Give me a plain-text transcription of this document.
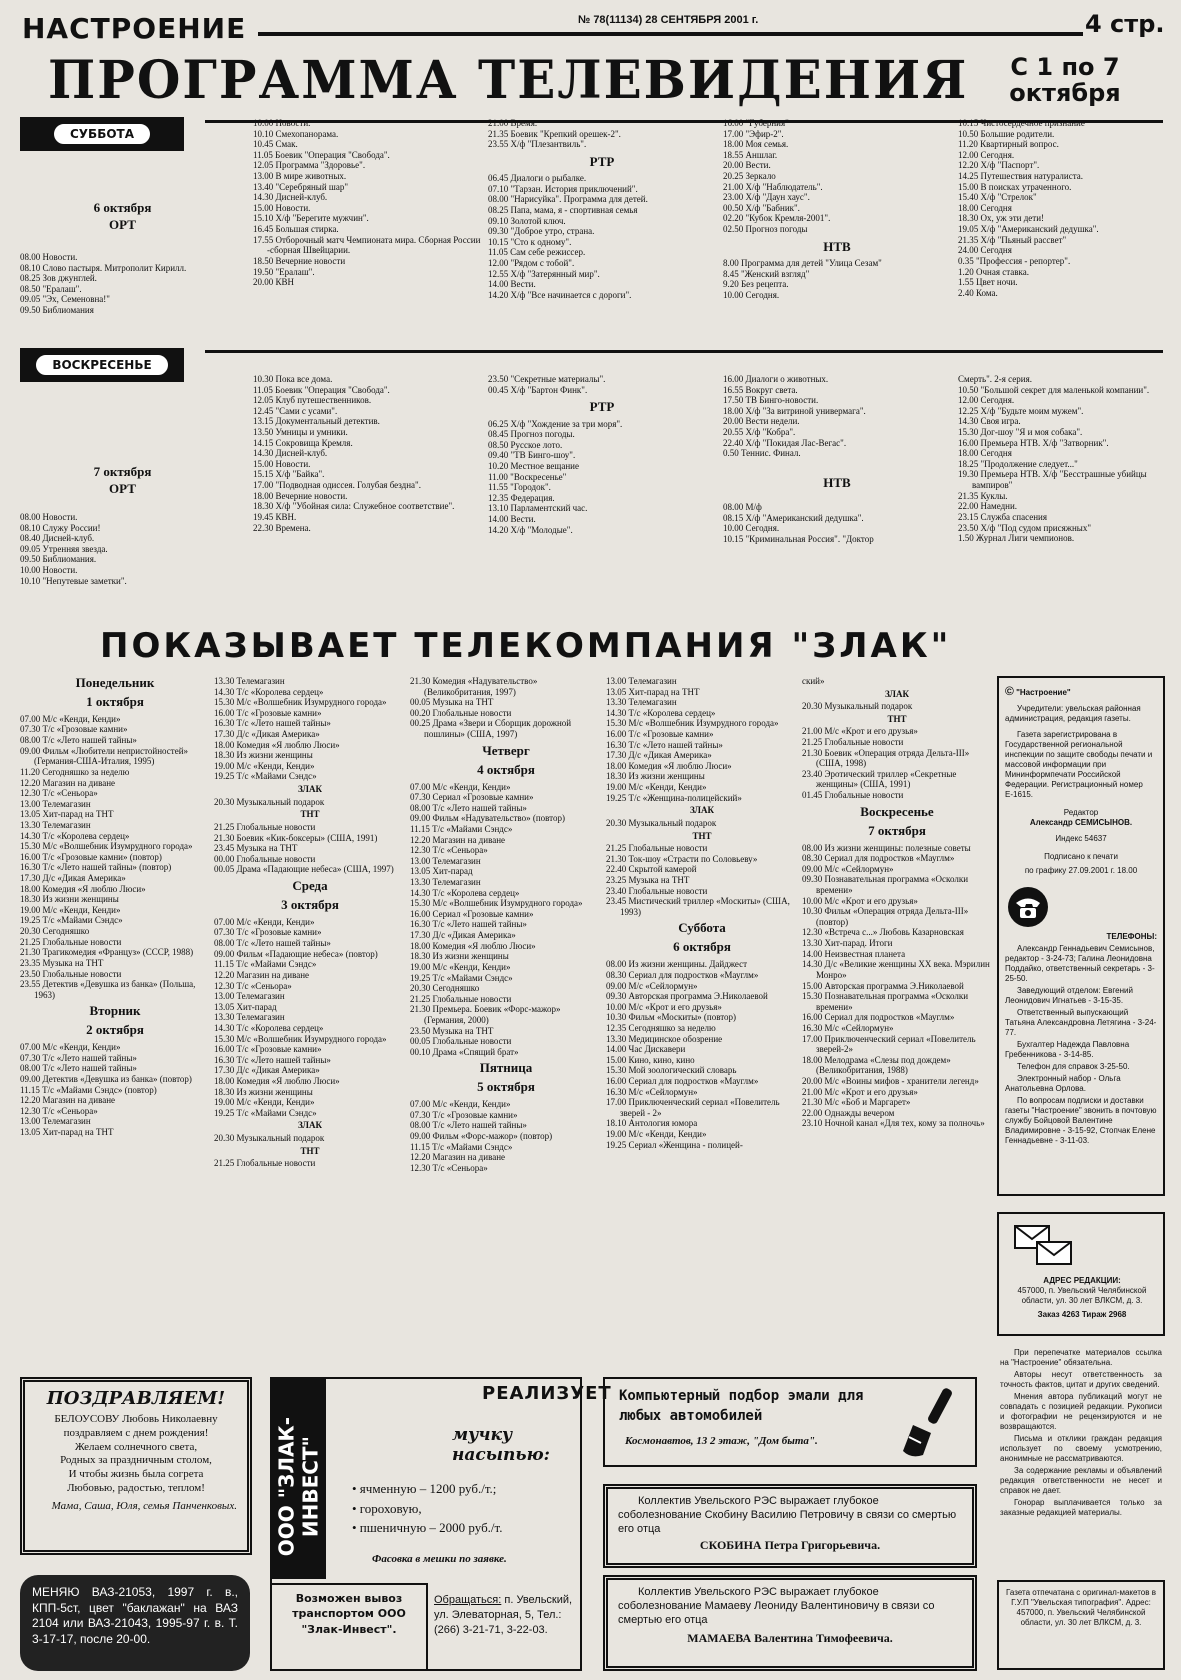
НАСТРОЕНИЕ	№ 78(11134) 28 СЕНТЯБРЯ 2001 г.	4 стр.
ПРОГРАММА ТЕЛЕВИДЕНИЯ С 1 по 7 октября
СУББОТА
6 октября
ОРТ

08.00 Новости.

08.10 Слово пастыря. Митрополит Кирилл.

08.25 Зов джунглей.

08.50 "Ералаш".

09.05 "Эх, Семеновна!"

09.50 Библиомания

10.00 Новости.

10.10 Смехопанорама.

10.45 Смак.

11.05 Боевик "Операция "Свобода".

12.05 Программа "Здоровье".

13.00 В мире животных.

13.40 "Серебряный шар"

14.30 Дисней-клуб.

15.00 Новости.

15.10 Х/ф "Берегите мужчин".

16.45 Большая стирка.

17.55 Отборочный матч Чемпионата мира. Сборная России -сборная Швейцарии.

18.50 Вечерние новости

19.50 "Ералаш".

20.00 КВН

21.00 Время.

21.35 Боевик "Крепкий орешек-2".

23.55 Х/ф "Плезантвиль".

РТР

06.45 Диалоги о рыбалке.

07.10 "Тарзан. История приключений".

08.00 "Нарисуйка". Программа для детей.

08.25 Папа, мама, я - спортивная семья

09.10 Золотой ключ.

09.30 "Доброе утро, страна.

10.15 "Сто к одному".

11.05 Сам себе режиссер.

12.00 "Рядом с тобой".

12.55 Х/ф "Затерянный мир".

14.00 Вести.

14.20 Х/ф "Все начинается с дороги".

16.00 "Губерния"

17.00 "Эфир-2".

18.00 Моя семья.

18.55 Аншлаг.

20.00 Вести.

20.25 Зеркало

21.00 Х/ф "Наблюдатель".

23.00 Х/ф "Даун хаус".

00.50 Х/ф "Бабник".

02.20 "Кубок Кремля-2001".

02.50 Прогноз погоды

НТВ

8.00 Программа для детей "Улица Сезам"

8.45 "Женский взгляд"

9.20 Без рецепта.

10.00 Сегодня.

10.15 Чистосердечное признание

10.50 Большие родители.

11.20 Квартирный вопрос.

12.00 Сегодня.

12.20 Х/ф "Паспорт".

14.25 Путешествия натуралиста.

15.00 В поисках утраченного.

15.40 Х/ф "Стрелок"

18.00 Сегодня

18.30 Ох, уж эти дети!

19.05 Х/ф "Американский дедушка".

21.35 Х/ф "Пьяный рассвет"

24.00 Сегодня

0.35 "Профессия - репортер".

1.20 Очная ставка.

1.55 Цвет ночи.

2.40 Кома.

ВОСКРЕСЕНЬЕ
7 октября
ОРТ

08.00 Новости.

08.10 Служу России!

08.40 Дисней-клуб.

09.05 Утренняя звезда.

09.50 Библиомания.

10.00 Новости.

10.10 "Непутевые заметки".

10.30 Пока все дома.

11.05 Боевик "Операция "Свобода".

12.05 Клуб путешественников.

12.45 "Сами с усами".

13.15 Документальный детектив.

13.50 Умницы и умники.

14.15 Сокровища Кремля.

14.30 Дисней-клуб.

15.00 Новости.

15.15 Х/ф "Байка".

17.00 "Подводная одиссея. Голубая бездна".

18.00 Вечерние новости.

18.30 Х/ф "Убойная сила: Служебное соответствие".

19.45 КВН.

22.30 Времена.

23.50 "Секретные материалы".

00.45 Х/ф "Бартон Финк".

РТР

06.25 Х/ф "Хождение за три моря".

08.45 Прогноз погоды.

08.50 Русское лото.

09.40 "ТВ Бинго-шоу".

10.20 Местное вещание

11.00 "Воскресенье"

11.55 "Городок".

12.35 Федерация.

13.10 Парламентский час.

14.00 Вести.

14.20 Х/ф "Молодые".

16.00 Диалоги о животных.

16.55 Вокруг света.

17.50 ТВ Бинго-новости.

18.00 Х/ф "За витриной универмага".

20.00 Вести недели.

20.55 Х/ф "Кобра".

22.40 Х/ф "Покидая Лас-Вегас".

0.50 Теннис. Финал.

НТВ

08.00 М/ф

08.15 Х/ф "Американский дедушка".

10.00 Сегодня.

10.15 "Криминальная Россия". "Доктор

Смерть". 2-я серия.

10.50 "Большой секрет для маленькой компании".

12.00 Сегодня.

12.25 Х/ф "Будьте моим мужем".

14.30 Своя игра.

15.30 Дог-шоу "Я и моя собака".

16.00 Премьера НТВ. Х/ф "Затворник".

18.00 Сегодня

18.25 "Продолжение следует..."

19.30 Премьера НТВ. Х/ф "Бесстрашные убийцы вампиров"

21.35 Куклы.

22.00 Намедни.

23.15 Служба спасения

23.50 Х/ф "Под судом присяжных"

1.50 Журнал Лиги чемпионов.

ПОКАЗЫВАЕТ ТЕЛЕКОМПАНИЯ "ЗЛАК"
Понедельник
1 октября

07.00 М/с «Кенди, Кенди»

07.30 Т/с «Грозовые камни»

08.00 Т/с «Лето нашей тайны»

09.00 Фильм «Любители непристойностей» (Германия-США-Италия, 1995)

11.20 Сегодняшко за неделю

12.20 Магазин на диване

12.30 Т/с «Сеньора»

13.00 Телемагазин

13.05 Хит-парад на ТНТ

13.30 Телемагазин

14.30 Т/с «Королева сердец»

15.30 М/с «Волшебник Изумрудного города»

16.00 Т/с «Грозовые камни» (повтор)

16.30 Т/с «Лето нашей тайны» (повтор)

17.30 Д/с «Дикая Америка»

18.00 Комедия «Я люблю Люси»

18.30 Из жизни женщины

19.00 М/с «Кенди, Кенди»

19.25 Т/с «Майами Сэндс»

20.30 Сегодняшко

21.25 Глобальные новости

21.30 Трагикомедия «Француз» (СССР, 1988)

23.35 Музыка на ТНТ

23.50 Глобальные новости

23.55 Детектив «Девушка из банка» (Польша, 1963)

Вторник
2 октября

07.00 М/с «Кенди, Кенди»

07.30 Т/с «Лето нашей тайны»

08.00 Т/с «Лето нашей тайны»

09.00 Детектив «Девушка из банка» (повтор)

11.15 Т/с «Майами Сэндс» (повтор)

12.20 Магазин на диване

12.30 Т/с «Сеньора»

13.00 Телемагазин

13.05 Хит-парад на ТНТ

13.30 Телемагазин

14.30 Т/с «Королева сердец»

15.30 М/с «Волшебник Изумрудного города»

16.00 Т/с «Грозовые камни»

16.30 Т/с «Лето нашей тайны»

17.30 Д/с «Дикая Америка»

18.00 Комедия «Я люблю Люси»

18.30 Из жизни женщины

19.00 М/с «Кенди, Кенди»

19.25 Т/с «Майами Сэндс»

ЗЛАК

20.30 Музыкальный подарок

ТНТ

21.25 Глобальные новости

21.30 Боевик «Кик-боксеры» (США, 1991)

23.45 Музыка на ТНТ

00.00 Глобальные новости

00.05 Драма «Падающие небеса» (США, 1997)

Среда
3 октября

07.00 М/с «Кенди, Кенди»

07.30 Т/с «Грозовые камни»

08.00 Т/с «Лето нашей тайны»

09.00 Фильм «Падающие небеса» (повтор)

11.15 Т/с «Майами Сэндс»

12.20 Магазин на диване

12.30 Т/с «Сеньора»

13.00 Телемагазин

13.05 Хит-парад

13.30 Телемагазин

14.30 Т/с «Королева сердец»

15.30 М/с «Волшебник Изумрудного города»

16.00 Т/с «Грозовые камни»

16.30 Т/с «Лето нашей тайны»

17.30 Д/с «Дикая Америка»

18.00 Комедия «Я люблю Люси»

18.30 Из жизни женщины

19.00 М/с «Кенди, Кенди»

19.25 Т/с «Майами Сэндс»

ЗЛАК

20.30 Музыкальный подарок

ТНТ

21.25 Глобальные новости

21.30 Комедия «Надувательство» (Великобритания, 1997)

00.05 Музыка на ТНТ

00.20 Глобальные новости

00.25 Драма «Звери и Сборщик дорожной пошлины» (США, 1997)

Четверг
4 октября

07.00 М/с «Кенди, Кенди»

07.30 Сериал «Грозовые камни»

08.00 Т/с «Лето нашей тайны»

09.00 Фильм «Надувательство» (повтор)

11.15 Т/с «Майами Сэндс»

12.20 Магазин на диване

12.30 Т/с «Сеньора»

13.00 Телемагазин

13.05 Хит-парад

13.30 Телемагазин

14.30 Т/с «Королева сердец»

15.30 М/с «Волшебник Изумрудного города»

16.00 Сериал «Грозовые камни»

16.30 Т/с «Лето нашей тайны»

17.30 Д/с «Дикая Америка»

18.00 Комедия «Я люблю Люси»

18.30 Из жизни женщины

19.00 М/с «Кенди, Кенди»

19.25 Т/с «Майами Сэндс»

20.30 Сегодняшко

21.25 Глобальные новости

21.30 Премьера. Боевик «Форс-мажор» (Германия, 2000)

23.50 Музыка на ТНТ

00.05 Глобальные новости

00.10 Драма «Спящий брат»

Пятница
5 октября

07.00 М/с «Кенди, Кенди»

07.30 Т/с «Грозовые камни»

08.00 Т/с «Лето нашей тайны»

09.00 Фильм «Форс-мажор» (повтор)

11.15 Т/с «Майами Сэндс»

12.20 Магазин на диване

12.30 Т/с «Сеньора»

13.00 Телемагазин

13.05 Хит-парад на ТНТ

13.30 Телемагазин

14.30 Т/с «Королева сердец»

15.30 М/с «Волшебник Изумрудного города»

16.00 Т/с «Грозовые камни»

16.30 Т/с «Лето нашей тайны»

17.30 Д/с «Дикая Америка»

18.00 Комедия «Я люблю Люси»

18.30 Из жизни женщины

19.00 М/с «Кенди, Кенди»

19.25 Т/с «Женщина-полицейский»

ЗЛАК

20.30 Музыкальный подарок

ТНТ

21.25 Глобальные новости

21.30 Ток-шоу «Страсти по Соловьеву»

22.40 Скрытой камерой

23.25 Музыка на ТНТ

23.40 Глобальные новости

23.45 Мистический триллер «Москиты» (США, 1993)

Суббота
6 октября

08.00 Из жизни женщины. Дайджест

08.30 Сериал для подростков «Мауглм»

09.00 М/с «Сейлормун»

09.30 Авторская программа Э.Николаевой

10.00 М/с «Крот и его друзья»

10.30 Фильм «Москиты» (повтор)

12.35 Сегодняшко за неделю

13.30 Медицинское обозрение

14.00 Час Дискавери

15.00 Кино, кино, кино

15.30 Мой зоологический словарь

16.00 Сериал для подростков «Мауглм»

16.30 М/с «Сейлормун»

17.00 Приключенческий сериал «Повелитель зверей - 2»

18.10 Антология юмора

19.00 М/с «Кенди, Кенди»

19.25 Сериал «Женщина - полицей-

ский»

ЗЛАК

20.30 Музыкальный подарок

ТНТ

21.00 М/с «Крот и его друзья»

21.25 Глобальные новости

21.30 Боевик «Операция отряда Дельта-III» (США, 1998)

23.40 Эротический триллер «Секретные женщины» (США, 1991)

01.45 Глобальные новости

Воскресенье
7 октября

08.00 Из жизни женщины: полезные советы

08.30 Сериал для подростков «Мауглм»

09.00 М/с «Сейлормун»

09.30 Познавательная программа «Осколки времени»

10.00 М/с «Крот и его друзья»

10.30 Фильм «Операция отряда Дельта-III» (повтор)

12.30 «Встреча с...» Любовь Казарновская

13.30 Хит-парад. Итоги

14.00 Неизвестная планета

14.30 Д/с «Великие женщины XX века. Мэрилин Монро»

15.00 Авторская программа Э.Николаевой

15.30 Познавательная программа «Осколки времени»

16.00 Сериал для подростков «Мауглм»

16.30 М/с «Сейлормун»

17.00 Приключенческий сериал «Повелитель зверей-2»

18.00 Мелодрама «Слезы под дождем» (Великобритания, 1988)

20.00 М/с «Воины мифов - хранители легенд»

21.00 М/с «Крот и его друзья»

21.30 М/с «Боб и Маргарет»

22.00 Однажды вечером

23.10 Ночной канал «Для тех, кому за полночь»

© "Настроение"
Учредители: увельская районная администрация, редакция газеты.
Газета зарегистрирована в Государственной региональной инспекции по защите свободы печати и массовой информации при Мининформпечати Российской Федерации. Регистрационный номер Е-1615.
Редактор
Александр СЕМИСЫНОВ.
Индекс 54637
Подписано к печати
по графику 27.09.2001 г. 18.00
ТЕЛЕФОНЫ:
Александр Геннадьевич Семисынов, редактор - 3-24-73; Галина Леонидовна Поддайко, ответственный секретарь - 3-25-50.
Заведующий отделом: Евгений Леонидович Игнатьев - 3-15-35.
Ответственный выпускающий Татьяна Александровна Летягина - 3-24-77.
Бухгалтер Надежда Павловна Гребенникова - 3-14-85.
Телефон для справок 3-25-50.
Электронный набор - Ольга Анатольевна Орлова.
По вопросам подписки и доставки газеты "Настроение" звонить в почтовую службу Бойцовой Валентине Владимировне - 3-15-92, Стопчак Елене Геннадьевне - 3-11-03.
АДРЕС РЕДАКЦИИ:
457000, п. Увельский Челябинской области, ул. 30 лет ВЛКСМ, д. 3.
Заказ 4263 Тираж 2968
При перепечатке материалов ссылка на "Настроение" обязательна.
Авторы несут ответственность за точность фактов, цитат и других сведений.
Мнения автора публикаций могут не совпадать с позицией редакции. Рукописи и фотографии не рецензируются и не возвращаются.
Письма и отклики граждан редакция использует по своему усмотрению, анонимные не рассматриваются.
За содержание рекламы и объявлений редакция ответственности не несет и справок не дает.
Гонорар выплачивается только за заказные редакцией материалы.
Газета отпечатана с оригинал-макетов в Г.У.П "Увельская типография". Адрес: 457000, п. Увельский Челябинской области, ул. 30 лет ВЛКСМ, д. 3.
ПОЗДРАВЛЯЕМ!
БЕЛОУСОВУ Любовь Николаевну поздравляем с днем рождения!
Желаем солнечного света,
Родных за праздничным столом,
И чтобы жизнь была согрета
Любовью, радостью, теплом!
Мама, Саша, Юля, семья Панченковых.
МЕНЯЮ ВАЗ-21053, 1997 г. в., КПП-5ст, цвет "баклажан" на ВАЗ 2104 или ВАЗ-21043, 1995-97 г. в. Т. 3-17-17, после 20-00.
ООО "ЗЛАК-ИНВЕСТ"
РЕАЛИЗУЕТ
мучку насыпью:
• ячменную – 1200 руб./т.;
• гороховую,
• пшеничную – 2000 руб./т.
Фасовка в мешки по заявке.
Возможен вывоз транспортом ООО "Злак-Инвест".
Обращаться: п. Увельский, ул. Элеваторная, 5, Тел.: (266) 3-21-71, 3-22-03.
Компьютерный подбор эмали для любых автомобилей
Космонавтов, 13 2 этаж, "Дом быта".
Коллектив Увельского РЭС выражает глубокое соболезнование Скобину Василию Петровичу в связи со смертью его отца
СКОБИНА Петра Григорьевича.
Коллектив Увельского РЭС выражает глубокое соболезнование Мамаеву Леониду Валентиновичу в связи со смертью его отца
МАМАЕВА Валентина Тимофеевича.
